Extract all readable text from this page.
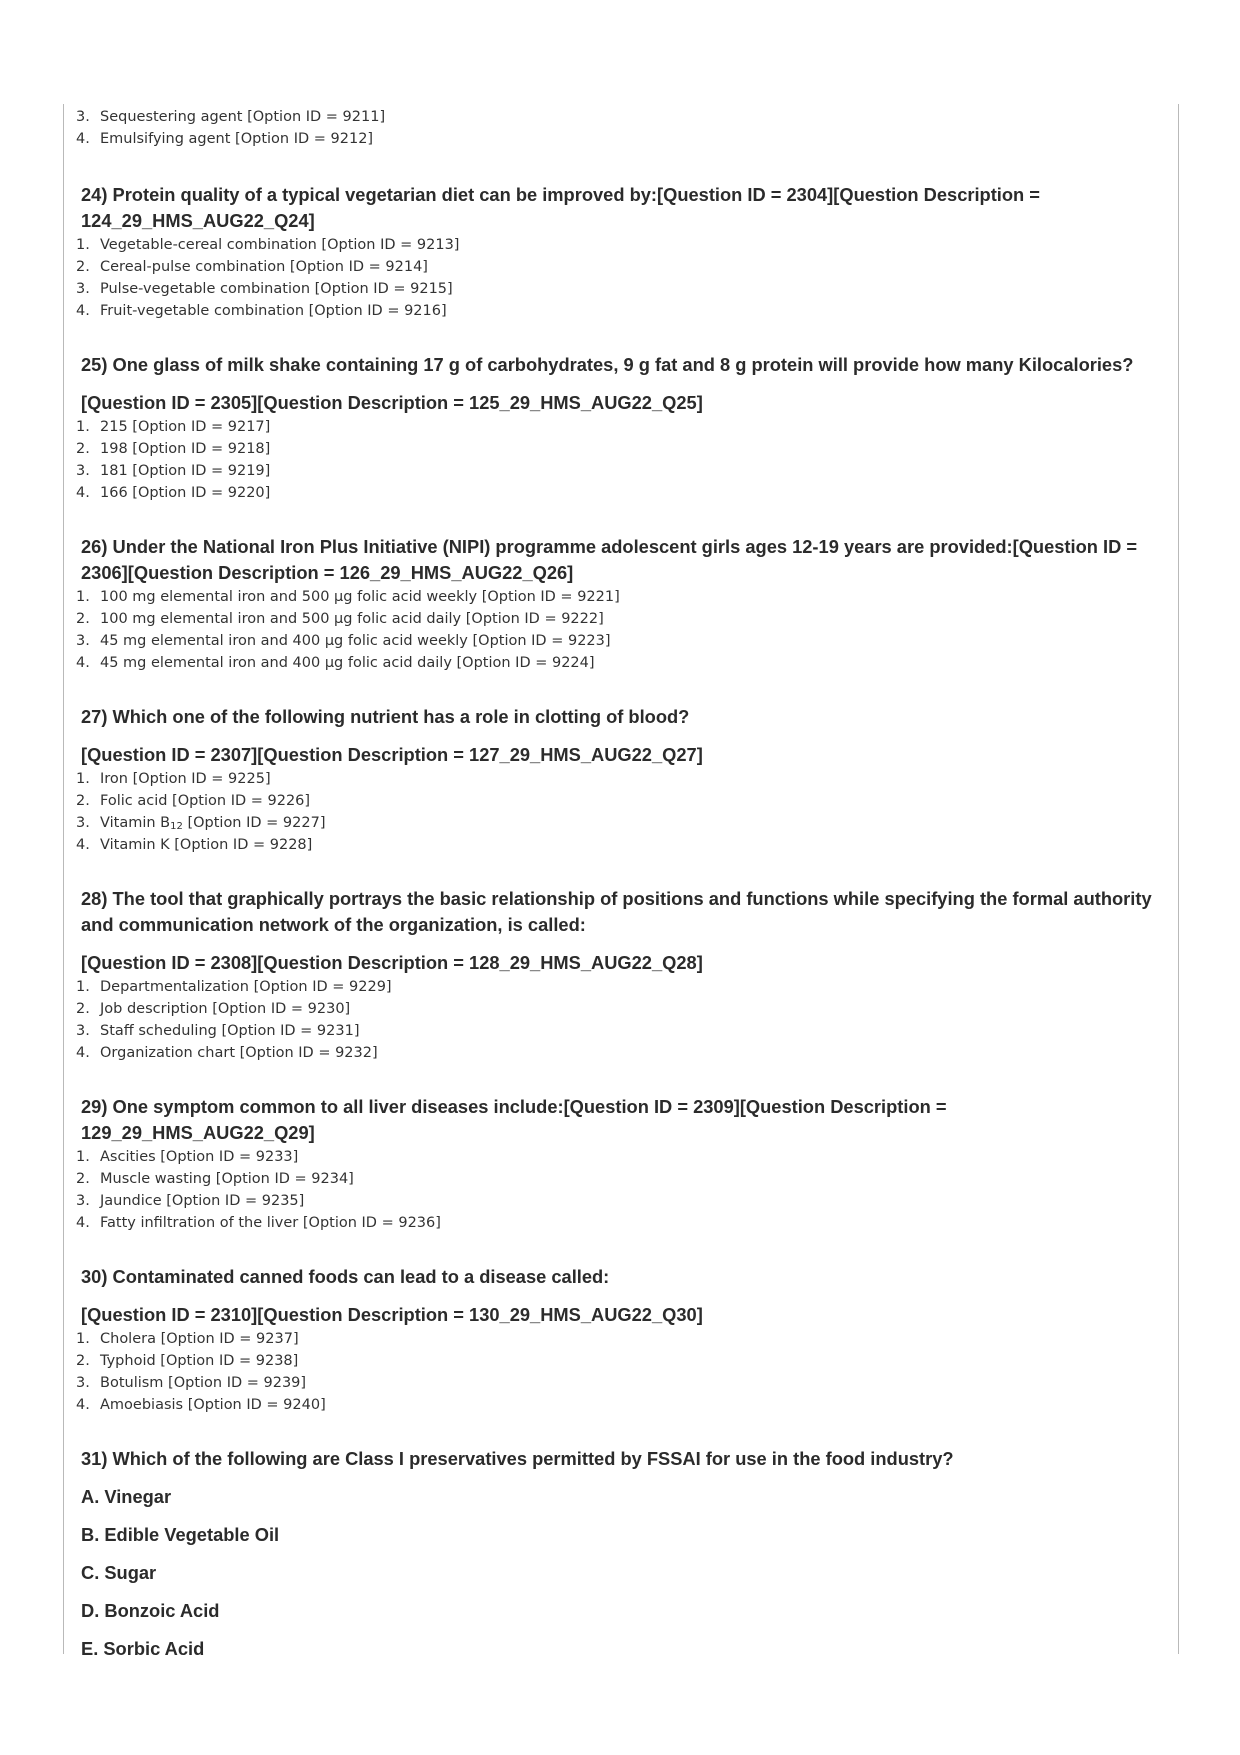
3. Sequestering agent [Option ID = 9211]
4. Emulsifying agent [Option ID = 9212]

24) Protein quality of a typical vegetarian diet can be improved by:[Question ID = 2304][Question Description = 124_29_HMS_AUG22_Q24]

1. Vegetable-cereal combination [Option ID = 9213]
2. Cereal-pulse combination [Option ID = 9214]
3. Pulse-vegetable combination [Option ID = 9215]
4. Fruit-vegetable combination [Option ID = 9216]

25) One glass of milk shake containing 17 g of carbohydrates, 9 g fat and 8 g protein will provide how many Kilocalories?

[Question ID = 2305][Question Description = 125_29_HMS_AUG22_Q25]

1. 215 [Option ID = 9217]
2. 198 [Option ID = 9218]
3. 181 [Option ID = 9219]
4. 166 [Option ID = 9220]

26) Under the National Iron Plus Initiative (NIPI) programme adolescent girls ages 12-19 years are provided:[Question ID = 2306][Question Description = 126_29_HMS_AUG22_Q26]

1. 100 mg elemental iron and 500 µg folic acid weekly [Option ID = 9221]
2. 100 mg elemental iron and 500 µg folic acid daily [Option ID = 9222]
3. 45 mg elemental iron and 400 µg folic acid weekly [Option ID = 9223]
4. 45 mg elemental iron and 400 µg folic acid daily [Option ID = 9224]

27) Which one of the following nutrient has a role in clotting of blood?

[Question ID = 2307][Question Description = 127_29_HMS_AUG22_Q27]

1. Iron [Option ID = 9225]
2. Folic acid [Option ID = 9226]
3. Vitamin $B_{12}$ [Option ID = 9227]
4. Vitamin K [Option ID = 9228]

28) The tool that graphically portrays the basic relationship of positions and functions while specifying the formal authority and communication network of the organization, is called:

[Question ID = 2308][Question Description = 128_29_HMS_AUG22_Q28]

1. Departmentalization [Option ID = 9229]
2. Job description [Option ID = 9230]
3. Staff scheduling [Option ID = 9231]
4. Organization chart [Option ID = 9232]

29) One symptom common to all liver diseases include:[Question ID = 2309][Question Description = 129_29_HMS_AUG22_Q29]

1. Ascities [Option ID = 9233]
2. Muscle wasting [Option ID = 9234]
3. Jaundice [Option ID = 9235]
4. Fatty infiltration of the liver [Option ID = 9236]

30) Contaminated canned foods can lead to a disease called:

[Question ID = 2310][Question Description = 130_29_HMS_AUG22_Q30]

1. Cholera [Option ID = 9237]
2. Typhoid [Option ID = 9238]
3. Botulism [Option ID = 9239]
4. Amoebiasis [Option ID = 9240]

31) Which of the following are Class I preservatives permitted by FSSAI for use in the food industry?

A. Vinegar

B. Edible Vegetable Oil

C. Sugar

D. Bonzoic Acid

E. Sorbic Acid
